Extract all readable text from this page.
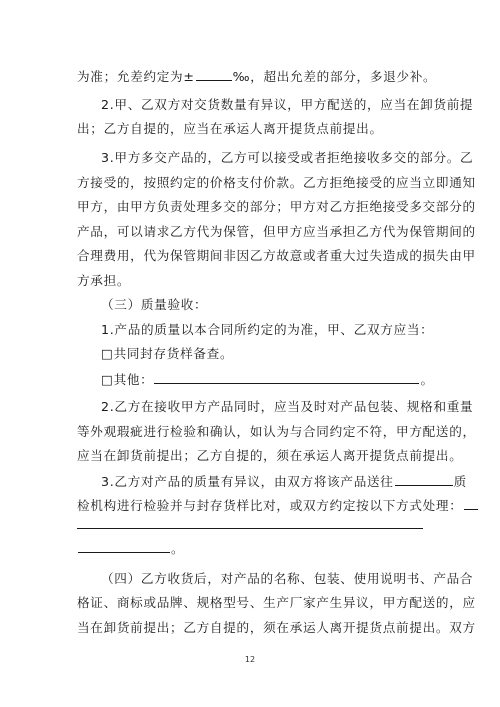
为准；允差约定为±	‰，超出允差的部分，多退少补。
2.甲、乙双方对交货数量有异议，甲方配送的，应当在卸货前提
出；乙方自提的，应当在承运人离开提货点前提出。
3.甲方多交产品的，乙方可以接受或者拒绝接收多交的部分。乙
方接受的，按照约定的价格支付价款。乙方拒绝接受的应当立即通知
甲方，由甲方负责处理多交的部分；甲方对乙方拒绝接受多交部分的
产品，可以请求乙方代为保管，但甲方应当承担乙方代为保管期间的
合理费用，代为保管期间非因乙方故意或者重大过失造成的损失由甲
方承担。
（三）质量验收：
1.产品的质量以本合同所约定的为准，甲、乙双方应当：
□共同封存货样备查。
□其他：	。
2.乙方在接收甲方产品同时，应当及时对产品包装、规格和重量
等外观瑕疵进行检验和确认，如认为与合同约定不符，甲方配送的，
应当在卸货前提出；乙方自提的，须在承运人离开提货点前提出。
3.乙方对产品的质量有异议，由双方将该产品送往	质
检机构进行检验并与封存货样比对，或双方约定按以下方式处理：
。
（四）乙方收货后，对产品的名称、包装、使用说明书、产品合
格证、商标或品牌、规格型号、生产厂家产生异议，甲方配送的，应
当在卸货前提出；乙方自提的，须在承运人离开提货点前提出。双方
12
